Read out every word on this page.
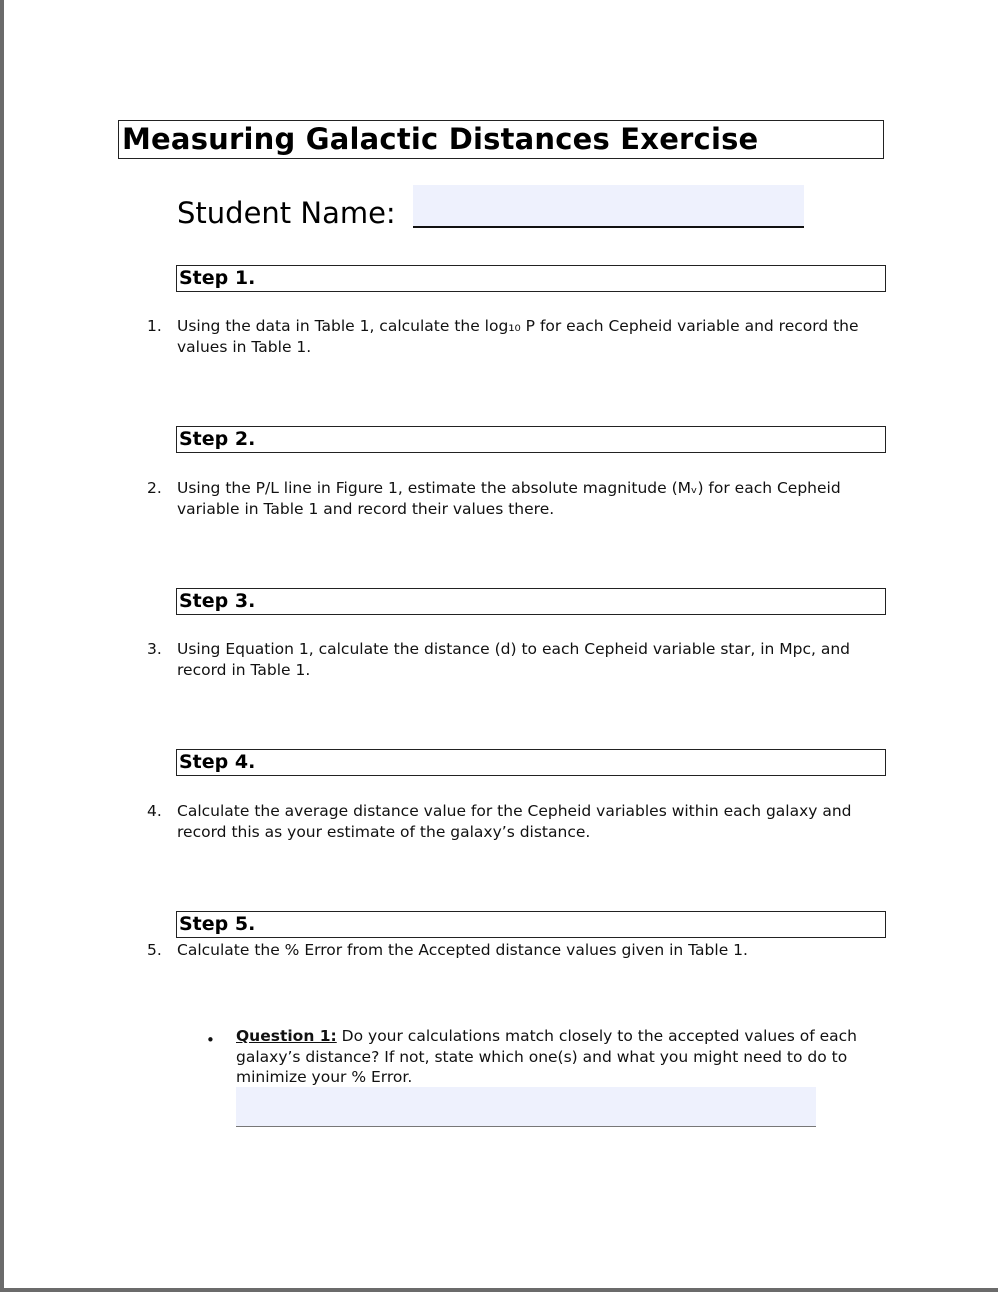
Measuring Galactic Distances Exercise
Student Name:
Step 1.
1. Using the data in Table 1, calculate the log₁₀ P for each Cepheid variable and record the values in Table 1.
Step 2.
2. Using the P/L line in Figure 1, estimate the absolute magnitude (Mᵥ) for each Cepheid variable in Table 1 and record their values there.
Step 3.
3. Using Equation 1, calculate the distance (d) to each Cepheid variable star, in Mpc, and record in Table 1.
Step 4.
4. Calculate the average distance value for the Cepheid variables within each galaxy and record this as your estimate of the galaxy’s distance.
Step 5.
5. Calculate the % Error from the Accepted distance values given in Table 1.
• Question 1: Do your calculations match closely to the accepted values of each galaxy’s distance? If not, state which one(s) and what you might need to do to minimize your % Error.
